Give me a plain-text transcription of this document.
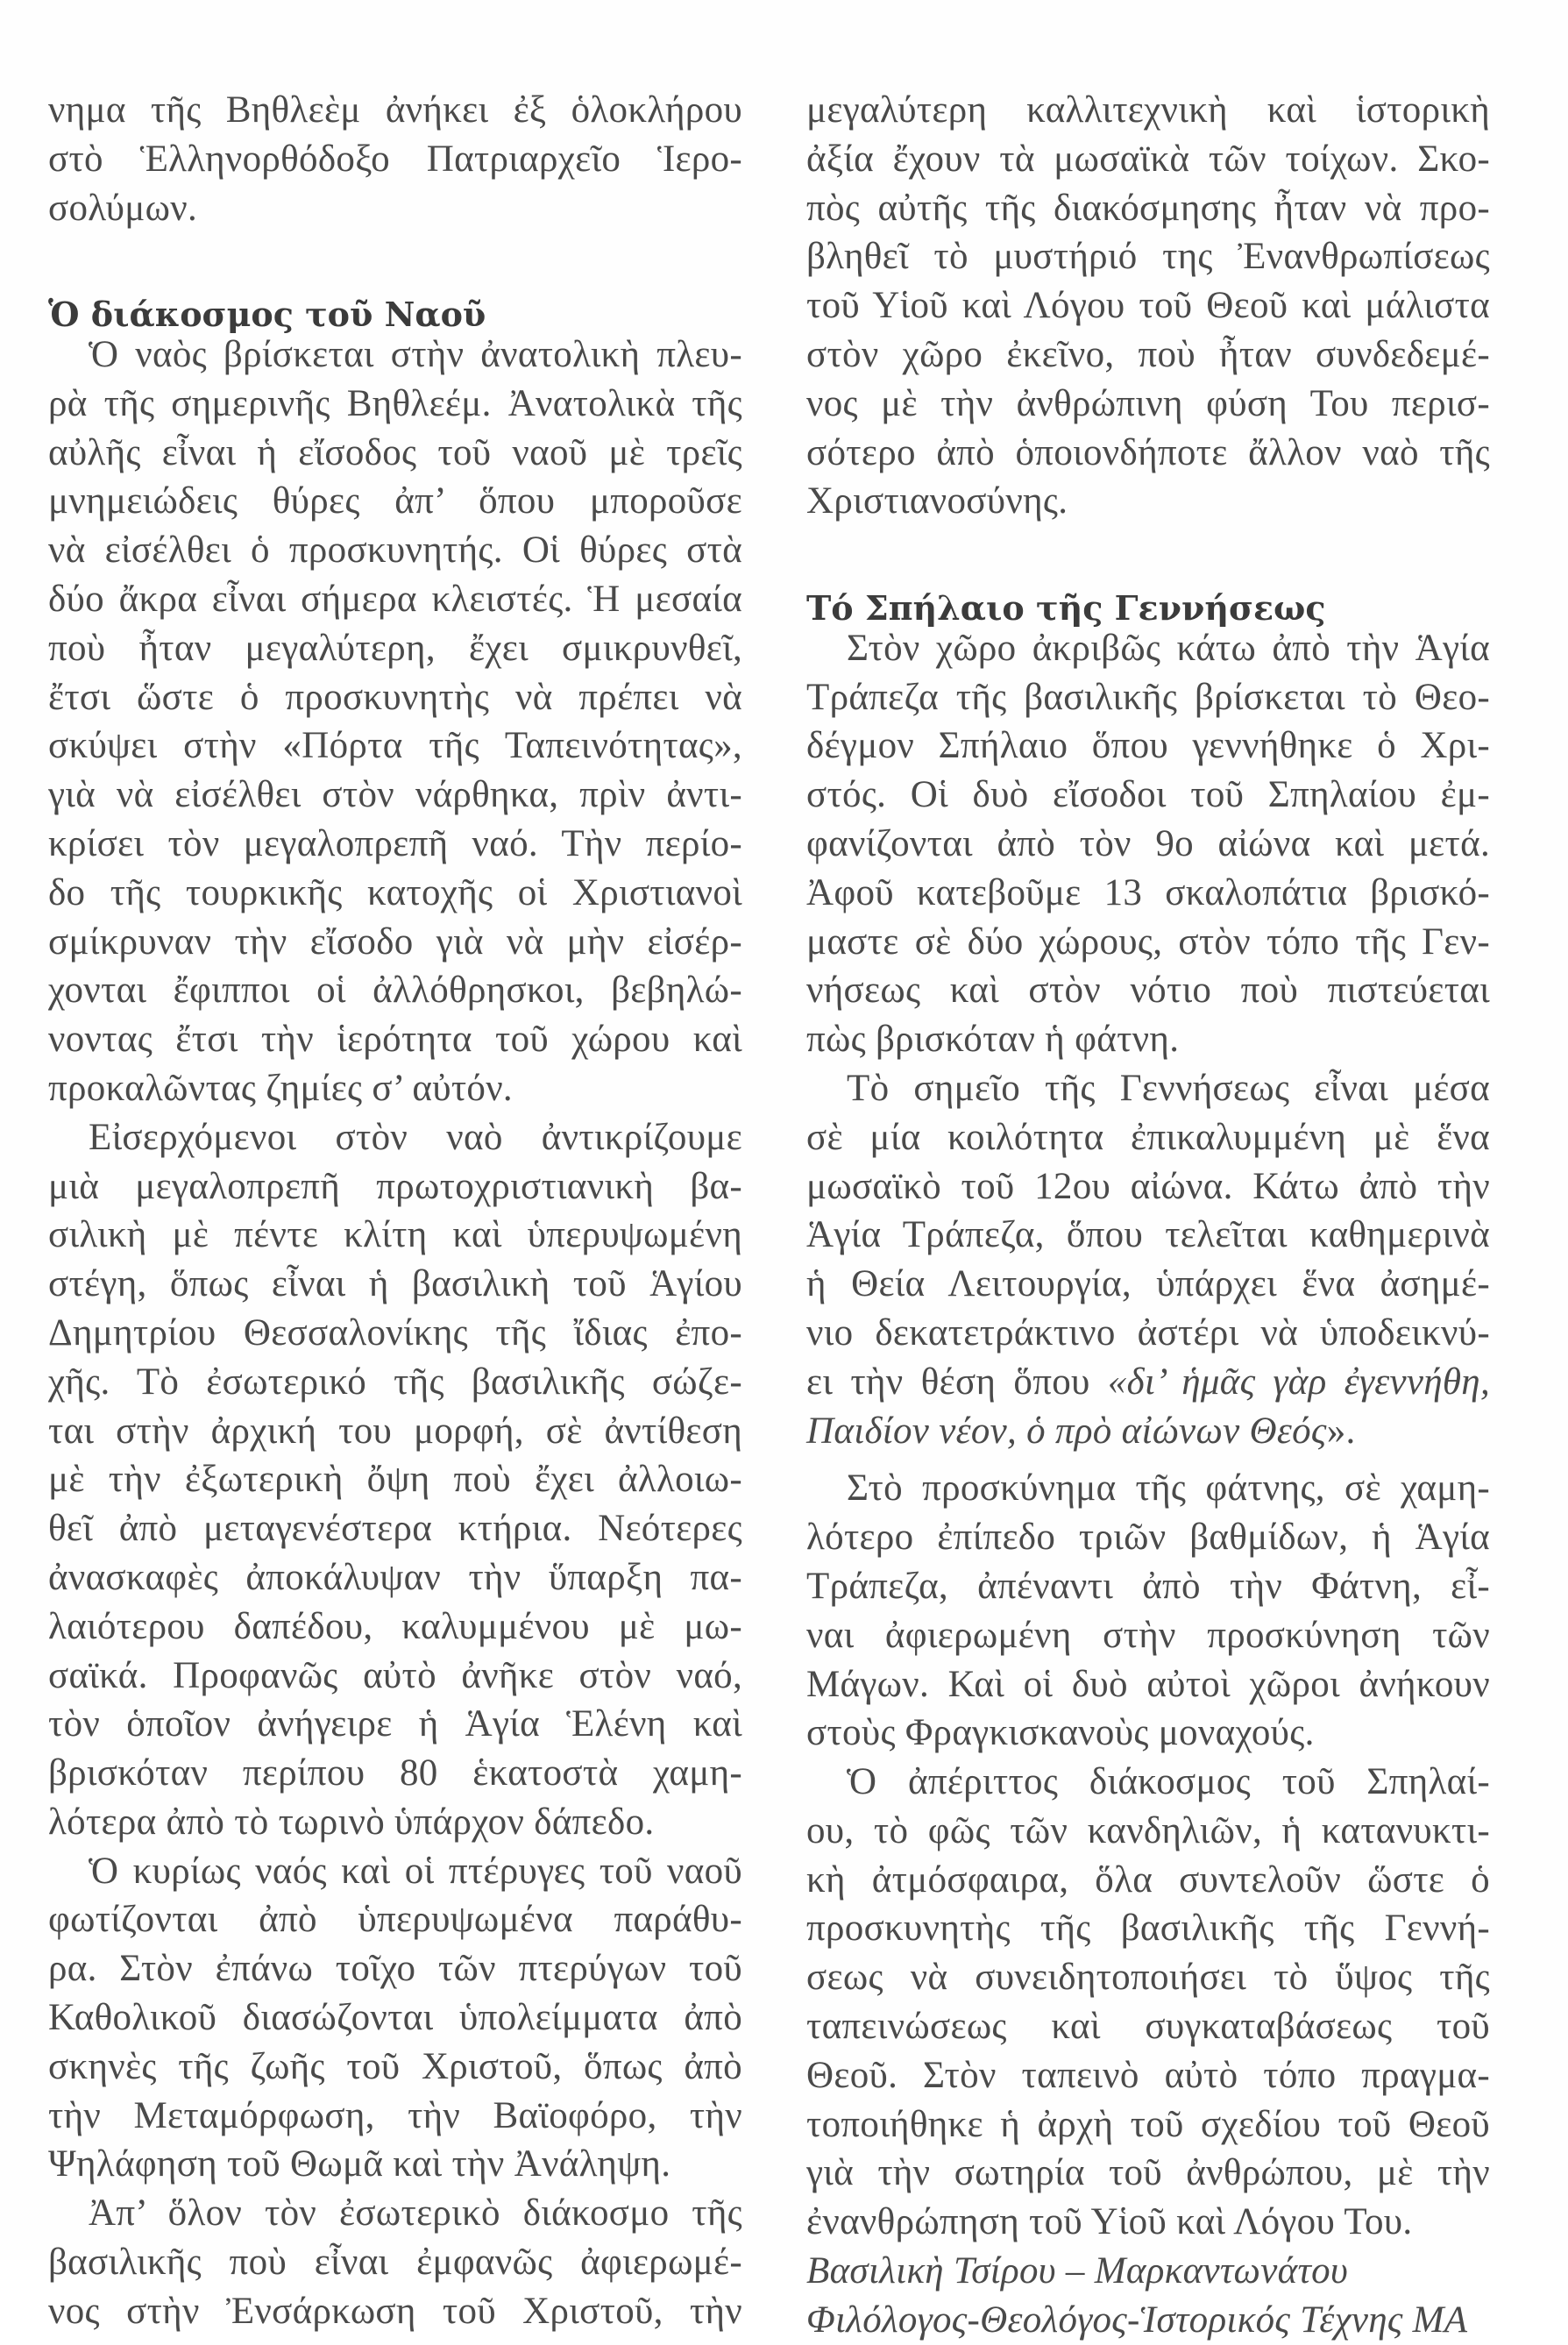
νημα τῆς Βηθλεὲμ ἀνήκει ἐξ ὁλοκλήρου
στὸ Ἑλληνορθόδοξο Πατριαρχεῖο Ἱερο-
σολύμων.
Ὁ διάκοσμος τοῦ Ναοῦ
Ὁ ναὸς βρίσκεται στὴν ἀνατολικὴ πλευ-
ρὰ τῆς σημερινῆς Βηθλεέμ. Ἀνατολικὰ τῆς
αὐλῆς εἶναι ἡ εἴσοδος τοῦ ναοῦ μὲ τρεῖς
μνημειώδεις θύρες ἀπ’ ὅπου μποροῦσε
νὰ εἰσέλθει ὁ προσκυνητής. Οἱ θύρες στὰ
δύο ἄκρα εἶναι σήμερα κλειστές. Ἡ μεσαία
ποὺ ἦταν μεγαλύτερη, ἔχει σμικρυνθεῖ,
ἔτσι ὥστε ὁ προσκυνητὴς νὰ πρέπει νὰ
σκύψει στὴν «Πόρτα τῆς Ταπεινότητας»,
γιὰ νὰ εἰσέλθει στὸν νάρθηκα, πρὶν ἀντι-
κρίσει τὸν μεγαλοπρεπῆ ναό. Τὴν περίο-
δο τῆς τουρκικῆς κατοχῆς οἱ Χριστιανοὶ
σμίκρυναν τὴν εἴσοδο γιὰ νὰ μὴν εἰσέρ-
χονται ἔφιπποι οἱ ἀλλόθρησκοι, βεβηλώ-
νοντας ἔτσι τὴν ἱερότητα τοῦ χώρου καὶ
προκαλῶντας ζημίες σ’ αὐτόν.
Εἰσερχόμενοι στὸν ναὸ ἀντικρίζουμε
μιὰ μεγαλοπρεπῆ πρωτοχριστιανικὴ βα-
σιλικὴ μὲ πέντε κλίτη καὶ ὑπερυψωμένη
στέγη, ὅπως εἶναι ἡ βασιλικὴ τοῦ Ἁγίου
Δημητρίου Θεσσαλονίκης τῆς ἴδιας ἐπο-
χῆς. Τὸ ἐσωτερικό τῆς βασιλικῆς σώζε-
ται στὴν ἀρχική του μορφή, σὲ ἀντίθεση
μὲ τὴν ἐξωτερικὴ ὄψη ποὺ ἔχει ἀλλοιω-
θεῖ ἀπὸ μεταγενέστερα κτήρια. Νεότερες
ἀνασκαφὲς ἀποκάλυψαν τὴν ὕπαρξη πα-
λαιότερου δαπέδου, καλυμμένου μὲ μω-
σαϊκά. Προφανῶς αὐτὸ ἀνῆκε στὸν ναό,
τὸν ὁποῖον ἀνήγειρε ἡ Ἁγία Ἑλένη καὶ
βρισκόταν περίπου 80 ἑκατοστὰ χαμη-
λότερα ἀπὸ τὸ τωρινὸ ὑπάρχον δάπεδο.
Ὁ κυρίως ναός καὶ οἱ πτέρυγες τοῦ ναοῦ
φωτίζονται ἀπὸ ὑπερυψωμένα παράθυ-
ρα. Στὸν ἐπάνω τοῖχο τῶν πτερύγων τοῦ
Καθολικοῦ διασώζονται ὑπολείμματα ἀπὸ
σκηνὲς τῆς ζωῆς τοῦ Χριστοῦ, ὅπως ἀπὸ
τὴν Μεταμόρφωση, τὴν Βαϊοφόρο, τὴν
Ψηλάφηση τοῦ Θωμᾶ καὶ τὴν Ἀνάληψη.
Ἀπ’ ὅλον τὸν ἐσωτερικὸ διάκοσμο τῆς
βασιλικῆς ποὺ εἶναι ἐμφανῶς ἀφιερωμέ-
νος στὴν Ἐνσάρκωση τοῦ Χριστοῦ, τὴν
μεγαλύτερη καλλιτεχνικὴ καὶ ἱστορικὴ
ἀξία ἔχουν τὰ μωσαϊκὰ τῶν τοίχων. Σκο-
πὸς αὐτῆς τῆς διακόσμησης ἦταν νὰ προ-
βληθεῖ τὸ μυστήριό της Ἐνανθρωπίσεως
τοῦ Υἱοῦ καὶ Λόγου τοῦ Θεοῦ καὶ μάλιστα
στὸν χῶρο ἐκεῖνο, ποὺ ἦταν συνδεδεμέ-
νος μὲ τὴν ἀνθρώπινη φύση Του περισ-
σότερο ἀπὸ ὁποιονδήποτε ἄλλον ναὸ τῆς
Χριστιανοσύνης.
Τό Σπήλαιο τῆς Γεννήσεως
Στὸν χῶρο ἀκριβῶς κάτω ἀπὸ τὴν Ἁγία
Τράπεζα τῆς βασιλικῆς βρίσκεται τὸ Θεο-
δέγμον Σπήλαιο ὅπου γεννήθηκε ὁ Χρι-
στός. Οἱ δυὸ εἴσοδοι τοῦ Σπηλαίου ἐμ-
φανίζονται ἀπὸ τὸν 9ο αἰώνα καὶ μετά.
Ἀφοῦ κατεβοῦμε 13 σκαλοπάτια βρισκό-
μαστε σὲ δύο χώρους, στὸν τόπο τῆς Γεν-
νήσεως καὶ στὸν νότιο ποὺ πιστεύεται
πὼς βρισκόταν ἡ φάτνη.
Τὸ σημεῖο τῆς Γεννήσεως εἶναι μέσα
σὲ μία κοιλότητα ἐπικαλυμμένη μὲ ἕνα
μωσαϊκὸ τοῦ 12ου αἰώνα. Κάτω ἀπὸ τὴν
Ἁγία Τράπεζα, ὅπου τελεῖται καθημερινὰ
ἡ Θεία Λειτουργία, ὑπάρχει ἕνα ἀσημέ-
νιο δεκατετράκτινο ἀστέρι νὰ ὑποδεικνύ-
ει τὴν θέση ὅπου «δι’ ἡμᾶς γὰρ ἐγεννήθη,
Παιδίον νέον, ὁ πρὸ αἰώνων Θεός».
Στὸ προσκύνημα τῆς φάτνης, σὲ χαμη-
λότερο ἐπίπεδο τριῶν βαθμίδων, ἡ Ἁγία
Τράπεζα, ἀπέναντι ἀπὸ τὴν Φάτνη, εἶ-
ναι ἀφιερωμένη στὴν προσκύνηση τῶν
Μάγων. Καὶ οἱ δυὸ αὐτοὶ χῶροι ἀνήκουν
στοὺς Φραγκισκανοὺς μοναχούς.
Ὁ ἀπέριττος διάκοσμος τοῦ Σπηλαί-
ου, τὸ φῶς τῶν κανδηλιῶν, ἡ κατανυκτι-
κὴ ἀτμόσφαιρα, ὅλα συντελοῦν ὥστε ὁ
προσκυνητὴς τῆς βασιλικῆς τῆς Γεννή-
σεως νὰ συνειδητοποιήσει τὸ ὕψος τῆς
ταπεινώσεως καὶ συγκαταβάσεως τοῦ
Θεοῦ. Στὸν ταπεινὸ αὐτὸ τόπο πραγμα-
τοποιήθηκε ἡ ἀρχὴ τοῦ σχεδίου τοῦ Θεοῦ
γιὰ τὴν σωτηρία τοῦ ἀνθρώπου, μὲ τὴν
ἐνανθρώπηση τοῦ Υἱοῦ καὶ Λόγου Του.
Βασιλικὴ Τσίρου – Μαρκαντωνάτου
Φιλόλογος-Θεολόγος-Ἱστορικός Τέχνης MA
